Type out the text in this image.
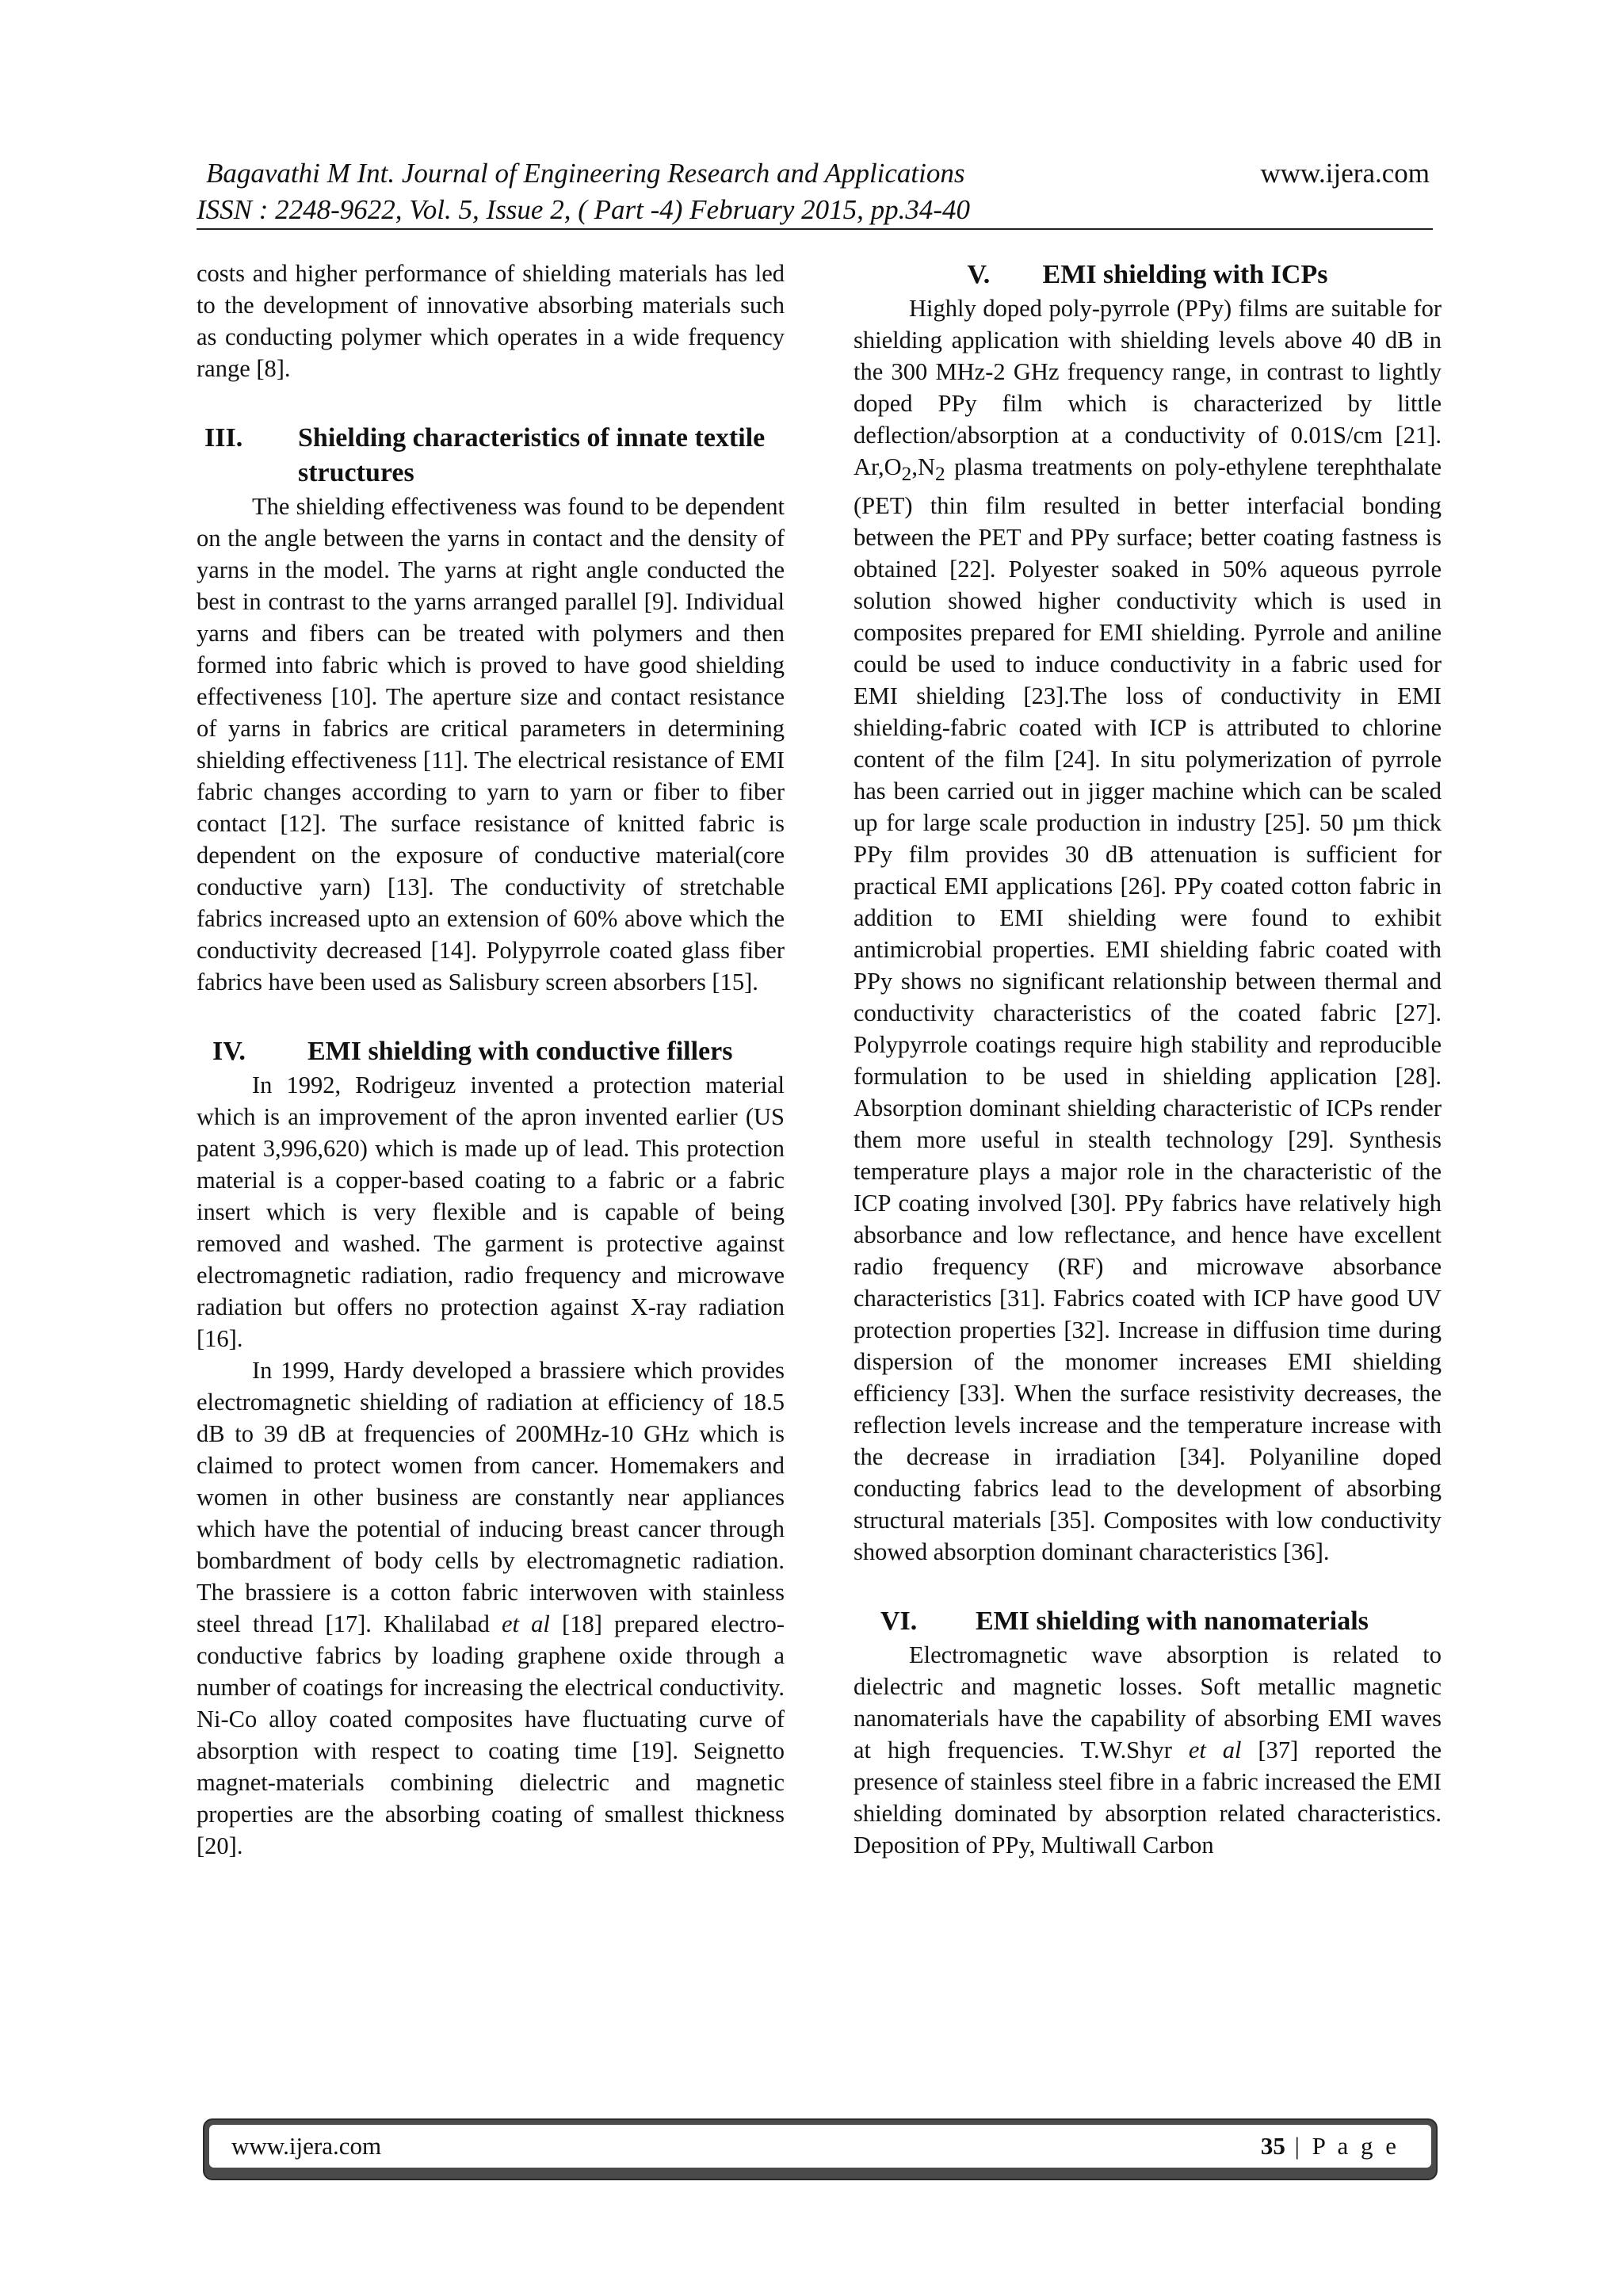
Bagavathi M Int. Journal of Engineering Research and Applications	www.ijera.com
ISSN : 2248-9622, Vol. 5, Issue 2, ( Part -4) February 2015, pp.34-40

costs and higher performance of shielding materials has led to the development of innovative absorbing materials such as conducting polymer which operates in a wide frequency range [8].

III.	Shielding characteristics of innate textile structures

The shielding effectiveness was found to be dependent on the angle between the yarns in contact and the density of yarns in the model. The yarns at right angle conducted the best in contrast to the yarns arranged parallel [9]. Individual yarns and fibers can be treated with polymers and then formed into fabric which is proved to have good shielding effectiveness [10]. The aperture size and contact resistance of yarns in fabrics are critical parameters in determining shielding effectiveness [11]. The electrical resistance of EMI fabric changes according to yarn to yarn or fiber to fiber contact [12]. The surface resistance of knitted fabric is dependent on the exposure of conductive material(core conductive yarn) [13]. The conductivity of stretchable fabrics increased upto an extension of 60% above which the conductivity decreased [14]. Polypyrrole coated glass fiber fabrics have been used as Salisbury screen absorbers [15].

IV. EMI shielding with conductive fillers

In 1992, Rodrigeuz invented a protection material which is an improvement of the apron invented earlier (US patent 3,996,620) which is made up of lead. This protection material is a copper-based coating to a fabric or a fabric insert which is very flexible and is capable of being removed and washed. The garment is protective against electromagnetic radiation, radio frequency and microwave radiation but offers no protection against X-ray radiation [16].

In 1999, Hardy developed a brassiere which provides electromagnetic shielding of radiation at efficiency of 18.5 dB to 39 dB at frequencies of 200MHz-10 GHz which is claimed to protect women from cancer. Homemakers and women in other business are constantly near appliances which have the potential of inducing breast cancer through bombardment of body cells by electromagnetic radiation. The brassiere is a cotton fabric interwoven with stainless steel thread [17]. Khalilabad et al [18] prepared electro-conductive fabrics by loading graphene oxide through a number of coatings for increasing the electrical conductivity. Ni-Co alloy coated composites have fluctuating curve of absorption with respect to coating time [19]. Seignetto magnet-materials combining dielectric and magnetic properties are the absorbing coating of smallest thickness [20].

V. EMI shielding with ICPs

Highly doped poly-pyrrole (PPy) films are suitable for shielding application with shielding levels above 40 dB in the 300 MHz-2 GHz frequency range, in contrast to lightly doped PPy film which is characterized by little deflection/absorption at a conductivity of 0.01S/cm [21]. $Ar,O_2,N_2$ plasma treatments on poly-ethylene terephthalate (PET) thin film resulted in better interfacial bonding between the PET and PPy surface; better coating fastness is obtained [22]. Polyester soaked in 50% aqueous pyrrole solution showed higher conductivity which is used in composites prepared for EMI shielding. Pyrrole and aniline could be used to induce conductivity in a fabric used for EMI shielding [23].The loss of conductivity in EMI shielding-fabric coated with ICP is attributed to chlorine content of the film [24]. In situ polymerization of pyrrole has been carried out in jigger machine which can be scaled up for large scale production in industry [25]. 50 µm thick PPy film provides 30 dB attenuation is sufficient for practical EMI applications [26]. PPy coated cotton fabric in addition to EMI shielding were found to exhibit antimicrobial properties. EMI shielding fabric coated with PPy shows no significant relationship between thermal and conductivity characteristics of the coated fabric [27]. Polypyrrole coatings require high stability and reproducible formulation to be used in shielding application [28]. Absorption dominant shielding characteristic of ICPs render them more useful in stealth technology [29]. Synthesis temperature plays a major role in the characteristic of the ICP coating involved [30]. PPy fabrics have relatively high absorbance and low reflectance, and hence have excellent radio frequency (RF) and microwave absorbance characteristics [31]. Fabrics coated with ICP have good UV protection properties [32]. Increase in diffusion time during dispersion of the monomer increases EMI shielding efficiency [33]. When the surface resistivity decreases, the reflection levels increase and the temperature increase with the decrease in irradiation [34]. Polyaniline doped conducting fabrics lead to the development of absorbing structural materials [35]. Composites with low conductivity showed absorption dominant characteristics [36].

VI. EMI shielding with nanomaterials

Electromagnetic wave absorption is related to dielectric and magnetic losses. Soft metallic magnetic nanomaterials have the capability of absorbing EMI waves at high frequencies. T.W.Shyr et al [37] reported the presence of stainless steel fibre in a fabric increased the EMI shielding dominated by absorption related characteristics. Deposition of PPy, Multiwall Carbon

www.ijera.com	35 | P a g e
